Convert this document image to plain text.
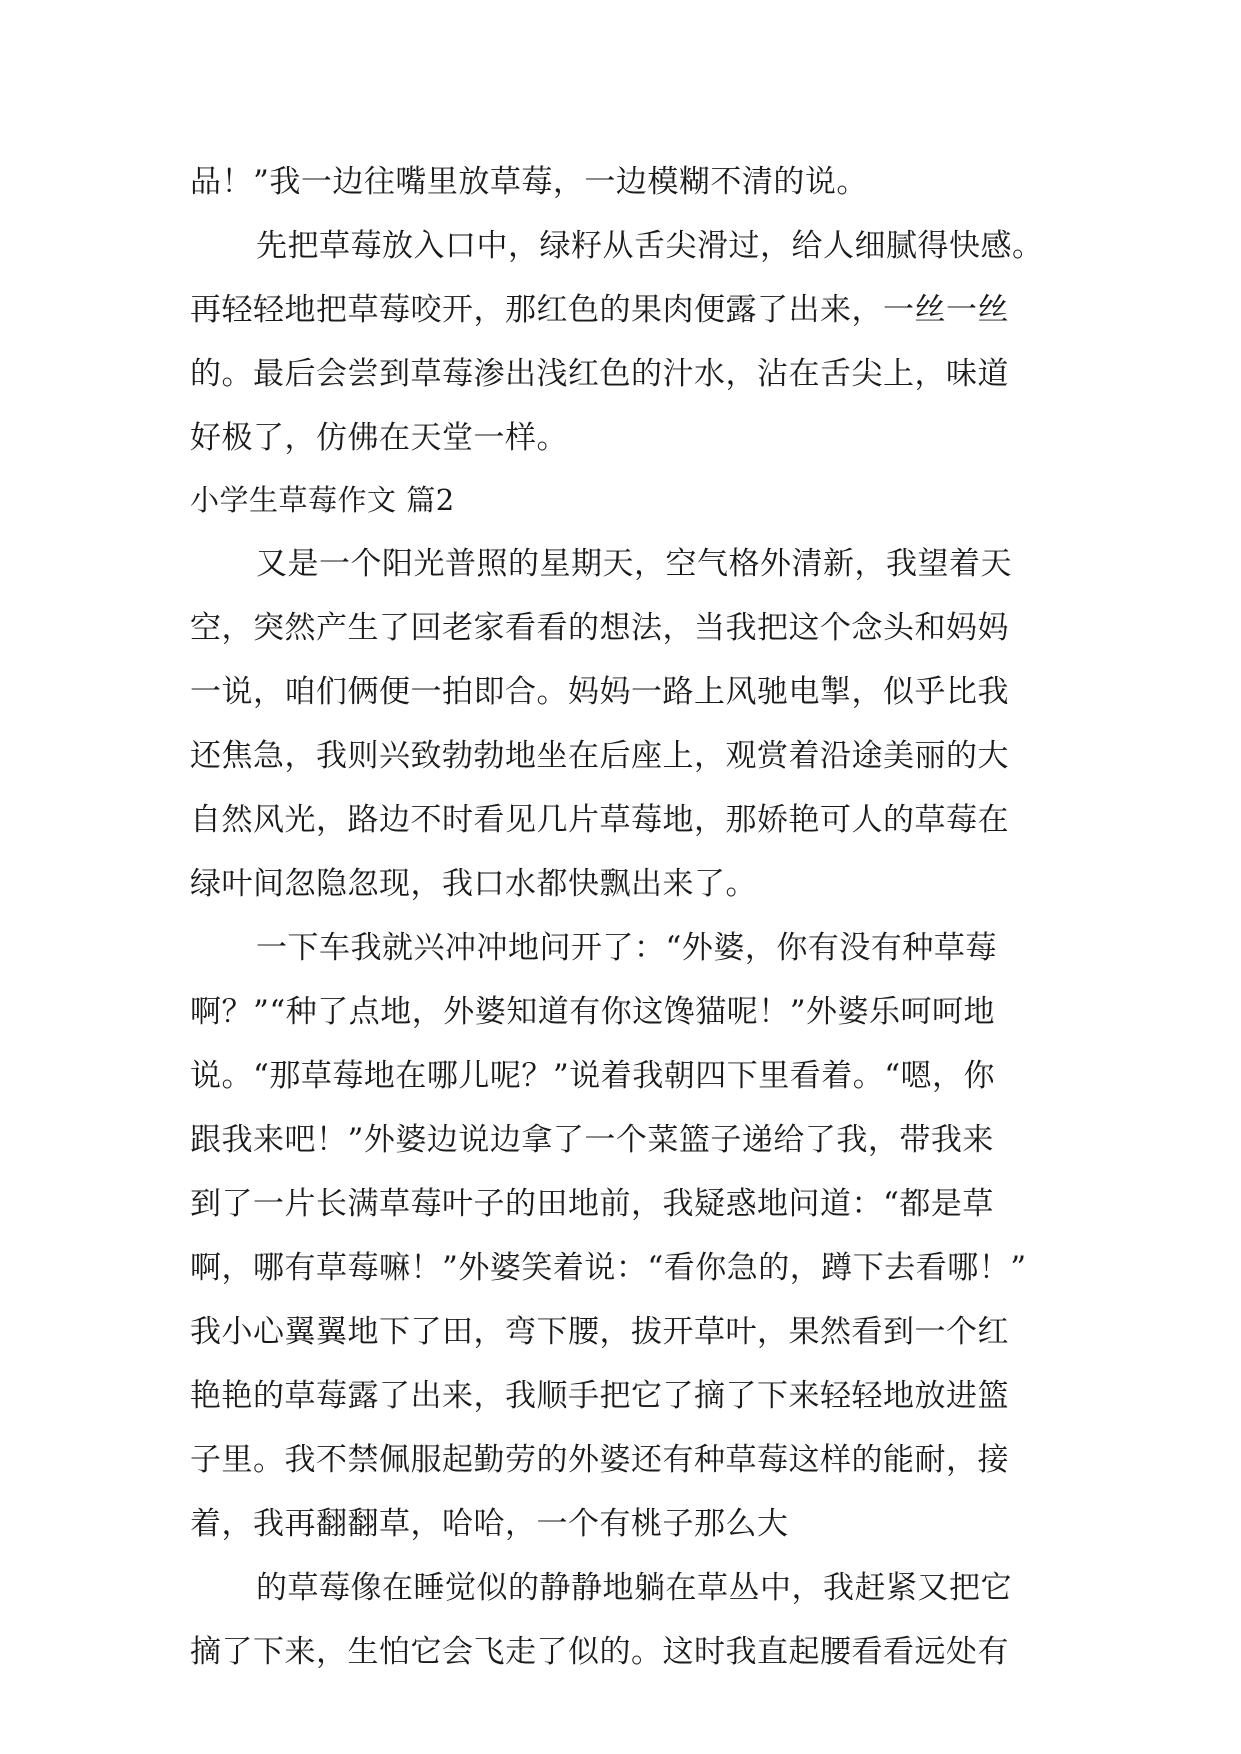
品！”我一边往嘴里放草莓，一边模糊不清的说。
先把草莓放入口中，绿籽从舌尖滑过，给人细腻得快感。
再轻轻地把草莓咬开，那红色的果肉便露了出来，一丝一丝
的。最后会尝到草莓渗出浅红色的汁水，沾在舌尖上，味道
好极了，仿佛在天堂一样。
小学生草莓作文 篇2
又是一个阳光普照的星期天，空气格外清新，我望着天
空，突然产生了回老家看看的想法，当我把这个念头和妈妈
一说，咱们俩便一拍即合。妈妈一路上风驰电掣，似乎比我
还焦急，我则兴致勃勃地坐在后座上，观赏着沿途美丽的大
自然风光，路边不时看见几片草莓地，那娇艳可人的草莓在
绿叶间忽隐忽现，我口水都快飘出来了。
一下车我就兴冲冲地问开了：“外婆，你有没有种草莓
啊？”“种了点地，外婆知道有你这馋猫呢！”外婆乐呵呵地
说。“那草莓地在哪儿呢？”说着我朝四下里看着。“嗯，你
跟我来吧！”外婆边说边拿了一个菜篮子递给了我，带我来
到了一片长满草莓叶子的田地前，我疑惑地问道：“都是草
啊，哪有草莓嘛！”外婆笑着说：“看你急的，蹲下去看哪！”
我小心翼翼地下了田，弯下腰，拔开草叶，果然看到一个红
艳艳的草莓露了出来，我顺手把它了摘了下来轻轻地放进篮
子里。我不禁佩服起勤劳的外婆还有种草莓这样的能耐，接
着，我再翻翻草，哈哈，一个有桃子那么大
的草莓像在睡觉似的静静地躺在草丛中，我赶紧又把它
摘了下来，生怕它会飞走了似的。这时我直起腰看看远处有
